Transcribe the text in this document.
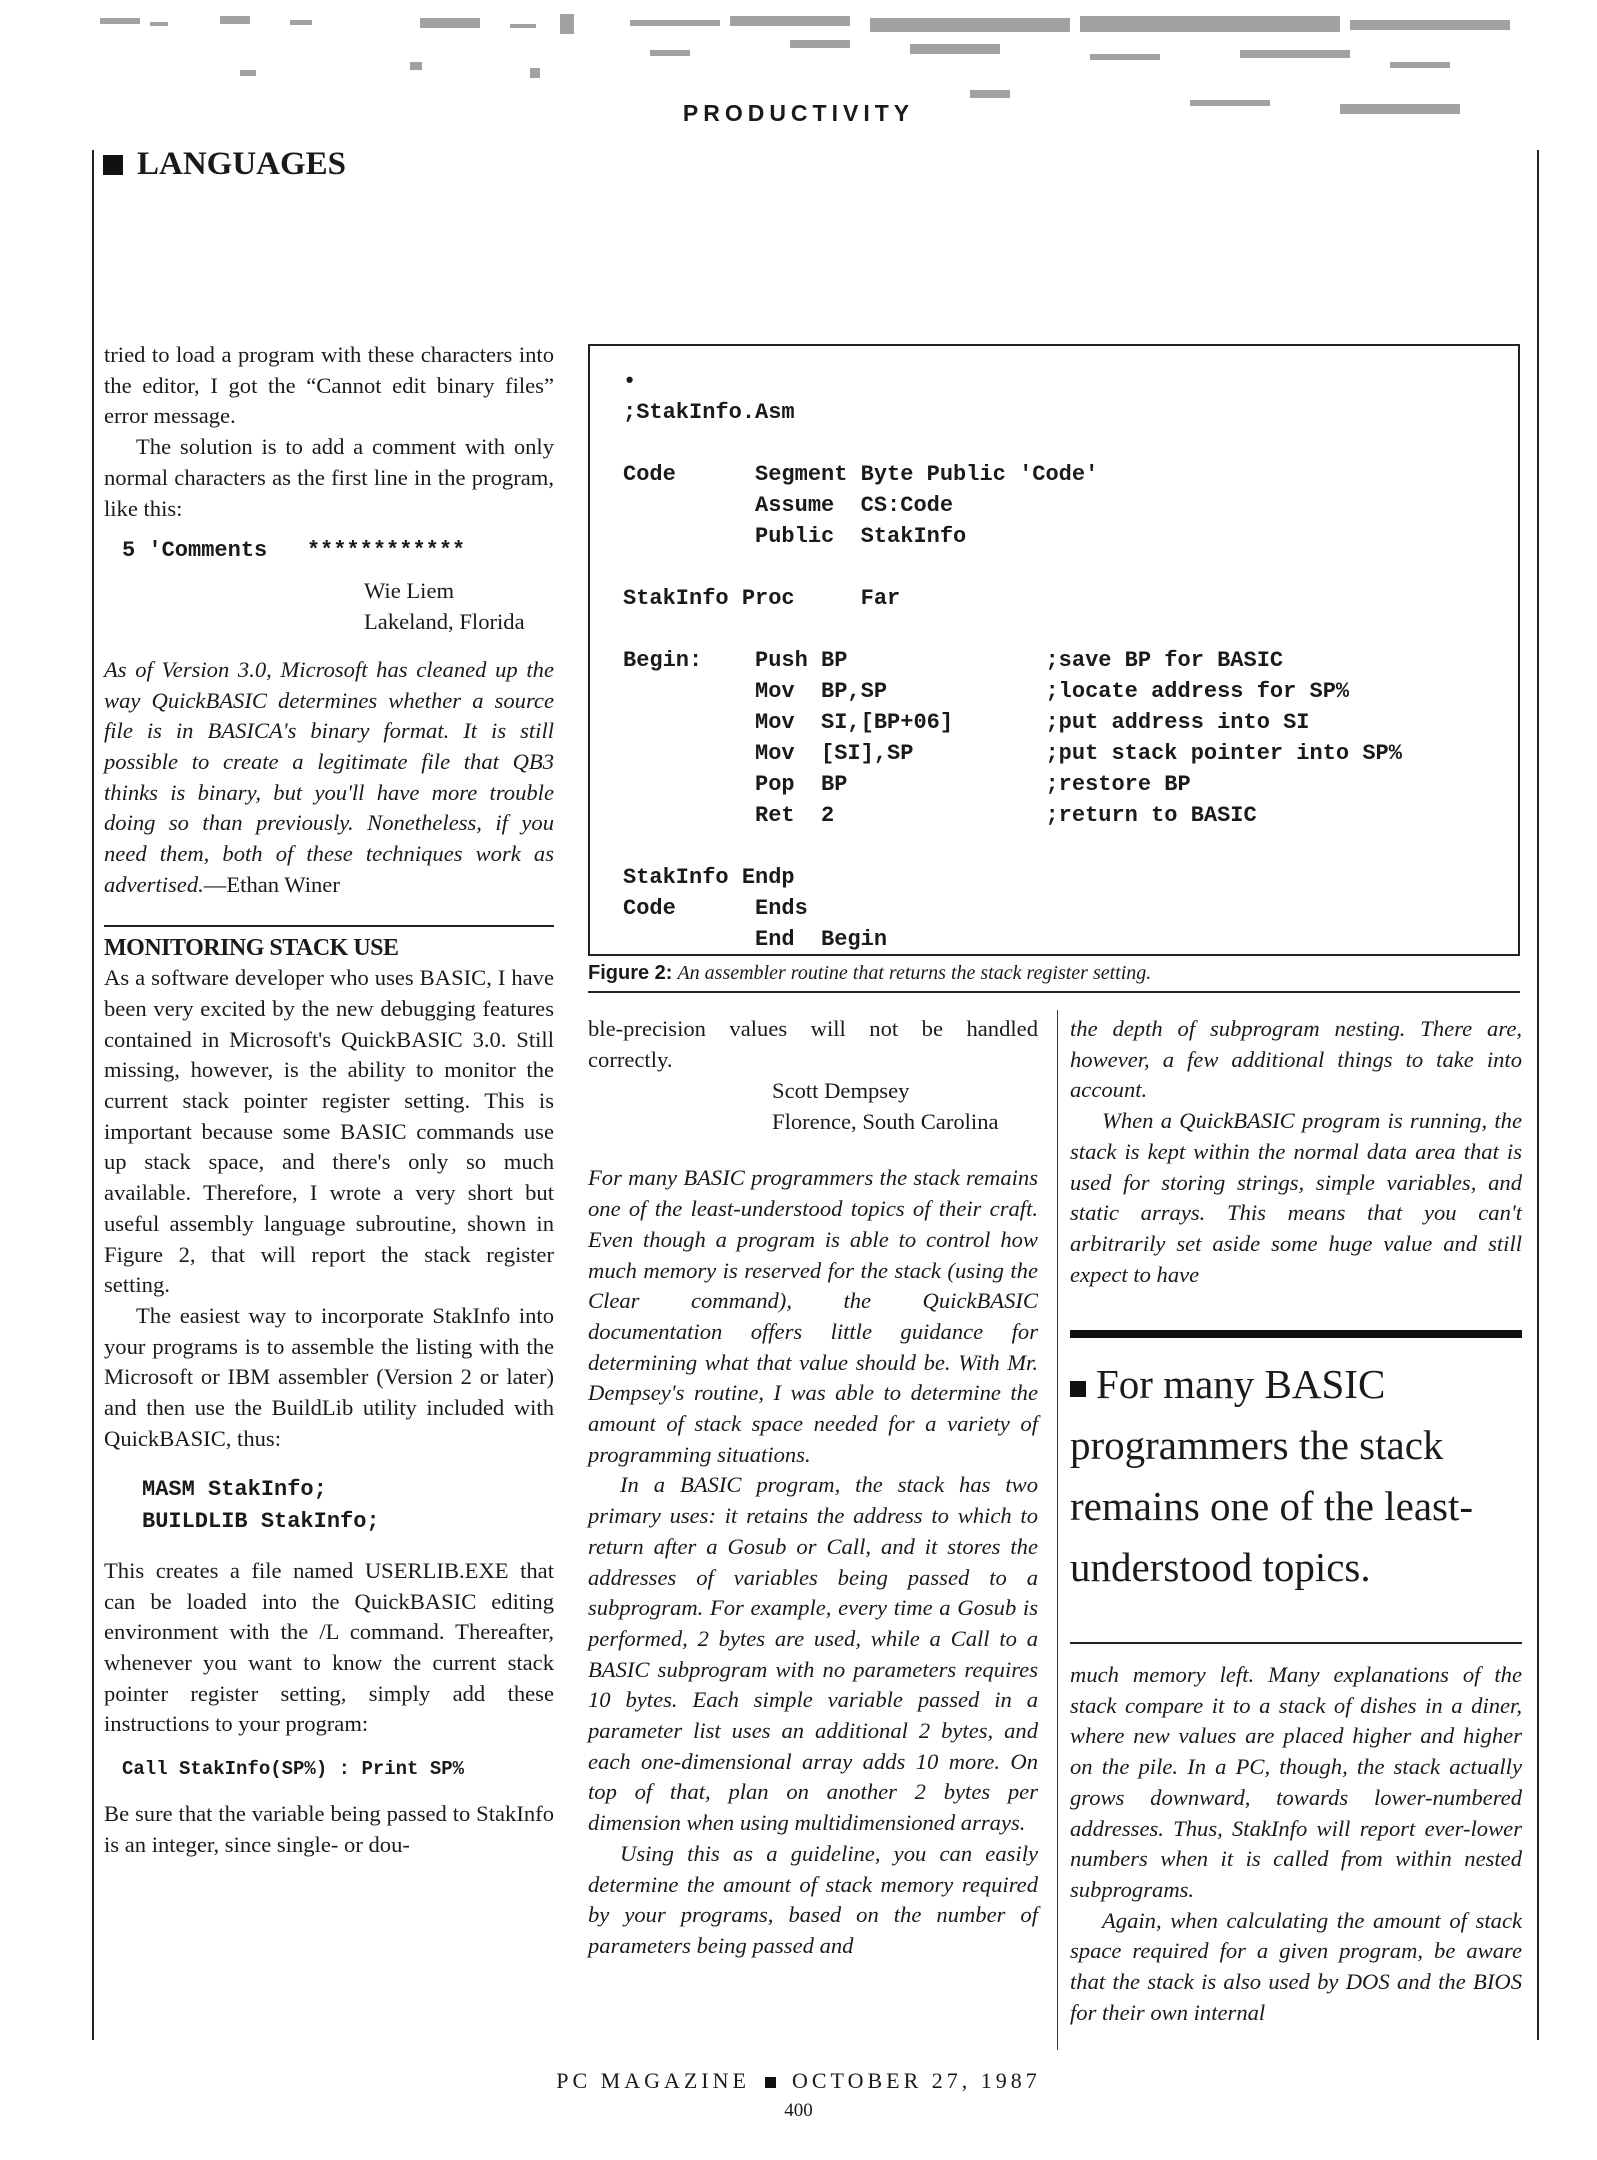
PRODUCTIVITY
LANGUAGES

tried to load a program with these characters into the editor, I got the “Cannot edit binary files” error message.

The solution is to add a comment with only normal characters as the first line in the program, like this:

5 'Comments   ************
Wie Liem
Lakeland, Florida

As of Version 3.0, Microsoft has cleaned up the way QuickBASIC determines whether a source file is in BASICA's binary format. It is still possible to create a legitimate file that QB3 thinks is binary, but you'll have more trouble doing so than previously. Nonetheless, if you need them, both of these techniques work as advertised.—Ethan Winer

MONITORING STACK USE

As a software developer who uses BASIC, I have been very excited by the new debugging features contained in Microsoft's QuickBASIC 3.0. Still missing, however, is the ability to monitor the current stack pointer register setting. This is important because some BASIC commands use up stack space, and there's only so much available. Therefore, I wrote a very short but useful assembly language subroutine, shown in Figure 2, that will report the stack register setting.

The easiest way to incorporate StakInfo into your programs is to assemble the listing with the Microsoft or IBM assembler (Version 2 or later) and then use the BuildLib utility included with QuickBASIC, thus:

MASM StakInfo;
BUILDLIB StakInfo;

This creates a file named USERLIB.EXE that can be loaded into the QuickBASIC editing environment with the /L command. Thereafter, whenever you want to know the current stack pointer register setting, simply add these instructions to your program:

Call StakInfo(SP%) : Print SP%

Be sure that the variable being passed to StakInfo is an integer, since single- or dou-

•
;StakInfo.Asm

Code      Segment Byte Public 'Code'
Assume  CS:Code
Public  StakInfo

StakInfo Proc     Far

Begin:    Push BP               ;save BP for BASIC
Mov  BP,SP            ;locate address for SP%
Mov  SI,[BP+06]       ;put address into SI
Mov  [SI],SP          ;put stack pointer into SP%
Pop  BP               ;restore BP
Ret  2                ;return to BASIC

StakInfo Endp
Code      Ends
End  Begin
Figure 2: An assembler routine that returns the stack register setting.

ble-precision values will not be handled correctly.

Scott Dempsey
Florence, South Carolina

For many BASIC programmers the stack remains one of the least-understood topics of their craft. Even though a program is able to control how much memory is reserved for the stack (using the Clear command), the QuickBASIC documentation offers little guidance for determining what that value should be. With Mr. Dempsey's routine, I was able to determine the amount of stack space needed for a variety of programming situations.

In a BASIC program, the stack has two primary uses: it retains the address to which to return after a Gosub or Call, and it stores the addresses of variables being passed to a subprogram. For example, every time a Gosub is performed, 2 bytes are used, while a Call to a BASIC subprogram with no parameters requires 10 bytes. Each simple variable passed in a parameter list uses an additional 2 bytes, and each one-dimensional array adds 10 more. On top of that, plan on another 2 bytes per dimension when using multidimensioned arrays.

Using this as a guideline, you can easily determine the amount of stack memory required by your programs, based on the number of parameters being passed and

the depth of subprogram nesting. There are, however, a few additional things to take into account.

When a QuickBASIC program is running, the stack is kept within the normal data area that is used for storing strings, simple variables, and static arrays. This means that you can't arbitrarily set aside some huge value and still expect to have

For many BASIC programmers the stack remains one of the least-understood topics.

much memory left. Many explanations of the stack compare it to a stack of dishes in a diner, where new values are placed higher and higher on the pile. In a PC, though, the stack actually grows downward, towards lower-numbered addresses. Thus, StakInfo will report ever-lower numbers when it is called from within nested subprograms.

Again, when calculating the amount of stack space required for a given program, be aware that the stack is also used by DOS and the BIOS for their own internal

PC MAGAZINE OCTOBER 27, 1987
400
